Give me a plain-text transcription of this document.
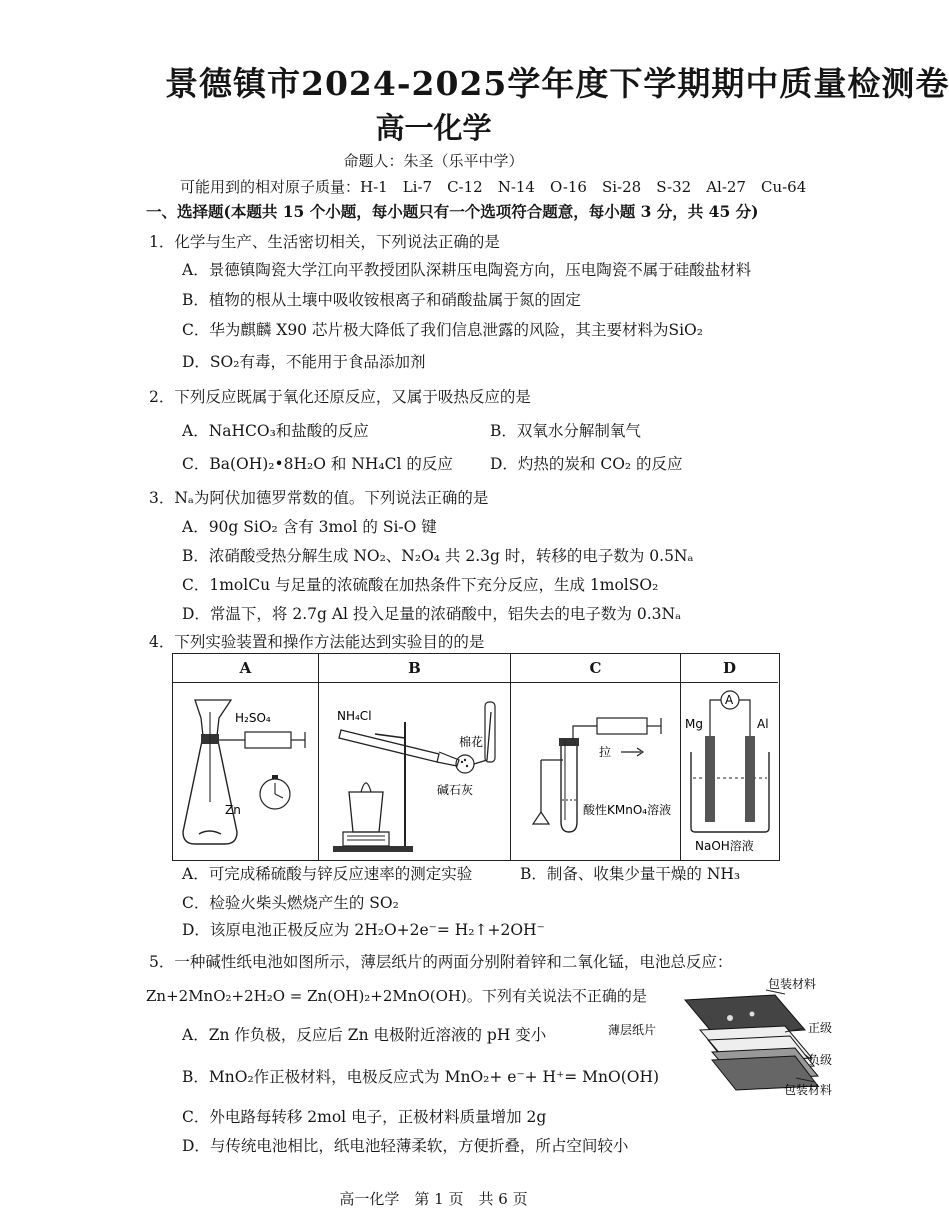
景德镇市2024-2025学年度下学期期中质量检测卷
高一化学
命题人：朱圣（乐平中学）
可能用到的相对原子质量：H-1　Li-7　C-12　N-14　O-16　Si-28　S-32　Al-27　Cu-64
一、选择题(本题共 15 个小题，每小题只有一个选项符合题意，每小题 3 分，共 45 分)
1．化学与生产、生活密切相关，下列说法正确的是
A．景德镇陶瓷大学江向平教授团队深耕压电陶瓷方向，压电陶瓷不属于硅酸盐材料
B．植物的根从土壤中吸收铵根离子和硝酸盐属于氮的固定
C．华为麒麟 X90 芯片极大降低了我们信息泄露的风险，其主要材料为SiO₂
D．SO₂有毒，不能用于食品添加剂
2．下列反应既属于氧化还原反应，又属于吸热反应的是
A．NaHCO₃和盐酸的反应	B．双氧水分解制氧气
C．Ba(OH)₂•8H₂O 和 NH₄Cl 的反应 D．灼热的炭和 CO₂ 的反应
3．Nₐ为阿伏加德罗常数的值。下列说法正确的是
A．90g SiO₂ 含有 3mol 的 Si-O 键
B．浓硝酸受热分解生成 NO₂、N₂O₄ 共 2.3g 时，转移的电子数为 0.5Nₐ
C．1molCu 与足量的浓硫酸在加热条件下充分反应，生成 1molSO₂
D．常温下，将 2.7g Al 投入足量的浓硝酸中，铝失去的电子数为 0.3Nₐ
4．下列实验装置和操作方法能达到实验目的的是
A
H₂SO₄
Zn
B
NH₄Cl
棉花
碱石灰
C
拉
酸性KMnO₄溶液
D
A
Mg	Al
NaOH溶液
A．可完成稀硫酸与锌反应速率的测定实验	B．制备、收集少量干燥的 NH₃
C．检验火柴头燃烧产生的 SO₂
D．该原电池正极反应为 2H₂O+2e⁻= H₂↑+2OH⁻
5．一种碱性纸电池如图所示，薄层纸片的两面分别附着锌和二氧化锰，电池总反应：
Zn+2MnO₂+2H₂O = Zn(OH)₂+2MnO(OH)。下列有关说法不正确的是
A．Zn 作负极，反应后 Zn 电极附近溶液的 pH 变小
B．MnO₂作正极材料，电极反应式为 MnO₂+ e⁻+ H⁺= MnO(OH)
C．外电路每转移 2mol 电子，正极材料质量增加 2g
D．与传统电池相比，纸电池轻薄柔软，方便折叠，所占空间较小
包装材料
薄层纸片	正级
负级
包装材料
高一化学　第 1 页　共 6 页
